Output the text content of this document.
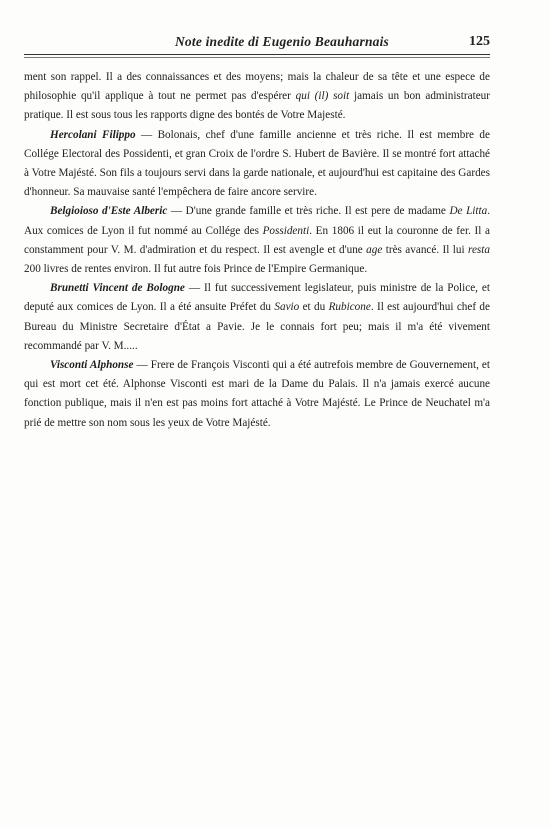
Note inedite di Eugenio Beauharnais	125

ment son rappel. Il a des connaissances et des moyens; mais la chaleur de sa tête et une espece de philosophie qu'il applique à tout ne permet pas d'espérer qui (il) soit jamais un bon administrateur pratique. Il est sous tous les rapports digne des bontés de Votre Majesté.

Hercolani Filippo — Bolonais, chef d'une famille ancienne et très riche. Il est membre de Collége Electoral des Possidenti, et gran Croix de l'ordre S. Hubert de Bavière. Il se montré fort attaché à Votre Majésté. Son fils a toujours servi dans la garde nationale, et aujourd'hui est capitaine des Gardes d'honneur. Sa mauvaise santé l'empêchera de faire ancore servire.

Belgioioso d'Este Alberic — D'une grande famille et très riche. Il est pere de madame De Litta. Aux comices de Lyon il fut nommé au Collége des Possidenti. En 1806 il eut la couronne de fer. Il a constamment pour V. M. d'admiration et du respect. Il est avengle et d'une age très avancé. Il lui resta 200 livres de rentes environ. Il fut autre fois Prince de l'Empire Germanique.

Brunetti Vincent de Bologne — Il fut successivement legislateur, puis ministre de la Police, et deputé aux comices de Lyon. Il a été ansuite Préfet du Savio et du Rubicone. Il est aujourd'hui chef de Bureau du Ministre Secretaire d'État a Pavie. Je le connais fort peu; mais il m'a été vivement recommandé par V. M.....

Visconti Alphonse — Frere de François Visconti qui a été autrefois membre de Gouvernement, et qui est mort cet été. Alphonse Visconti est mari de la Dame du Palais. Il n'a jamais exercé aucune fonction publique, mais il n'en est pas moins fort attaché à Votre Majésté. Le Prince de Neuchatel m'a prié de mettre son nom sous les yeux de Votre Majésté.
